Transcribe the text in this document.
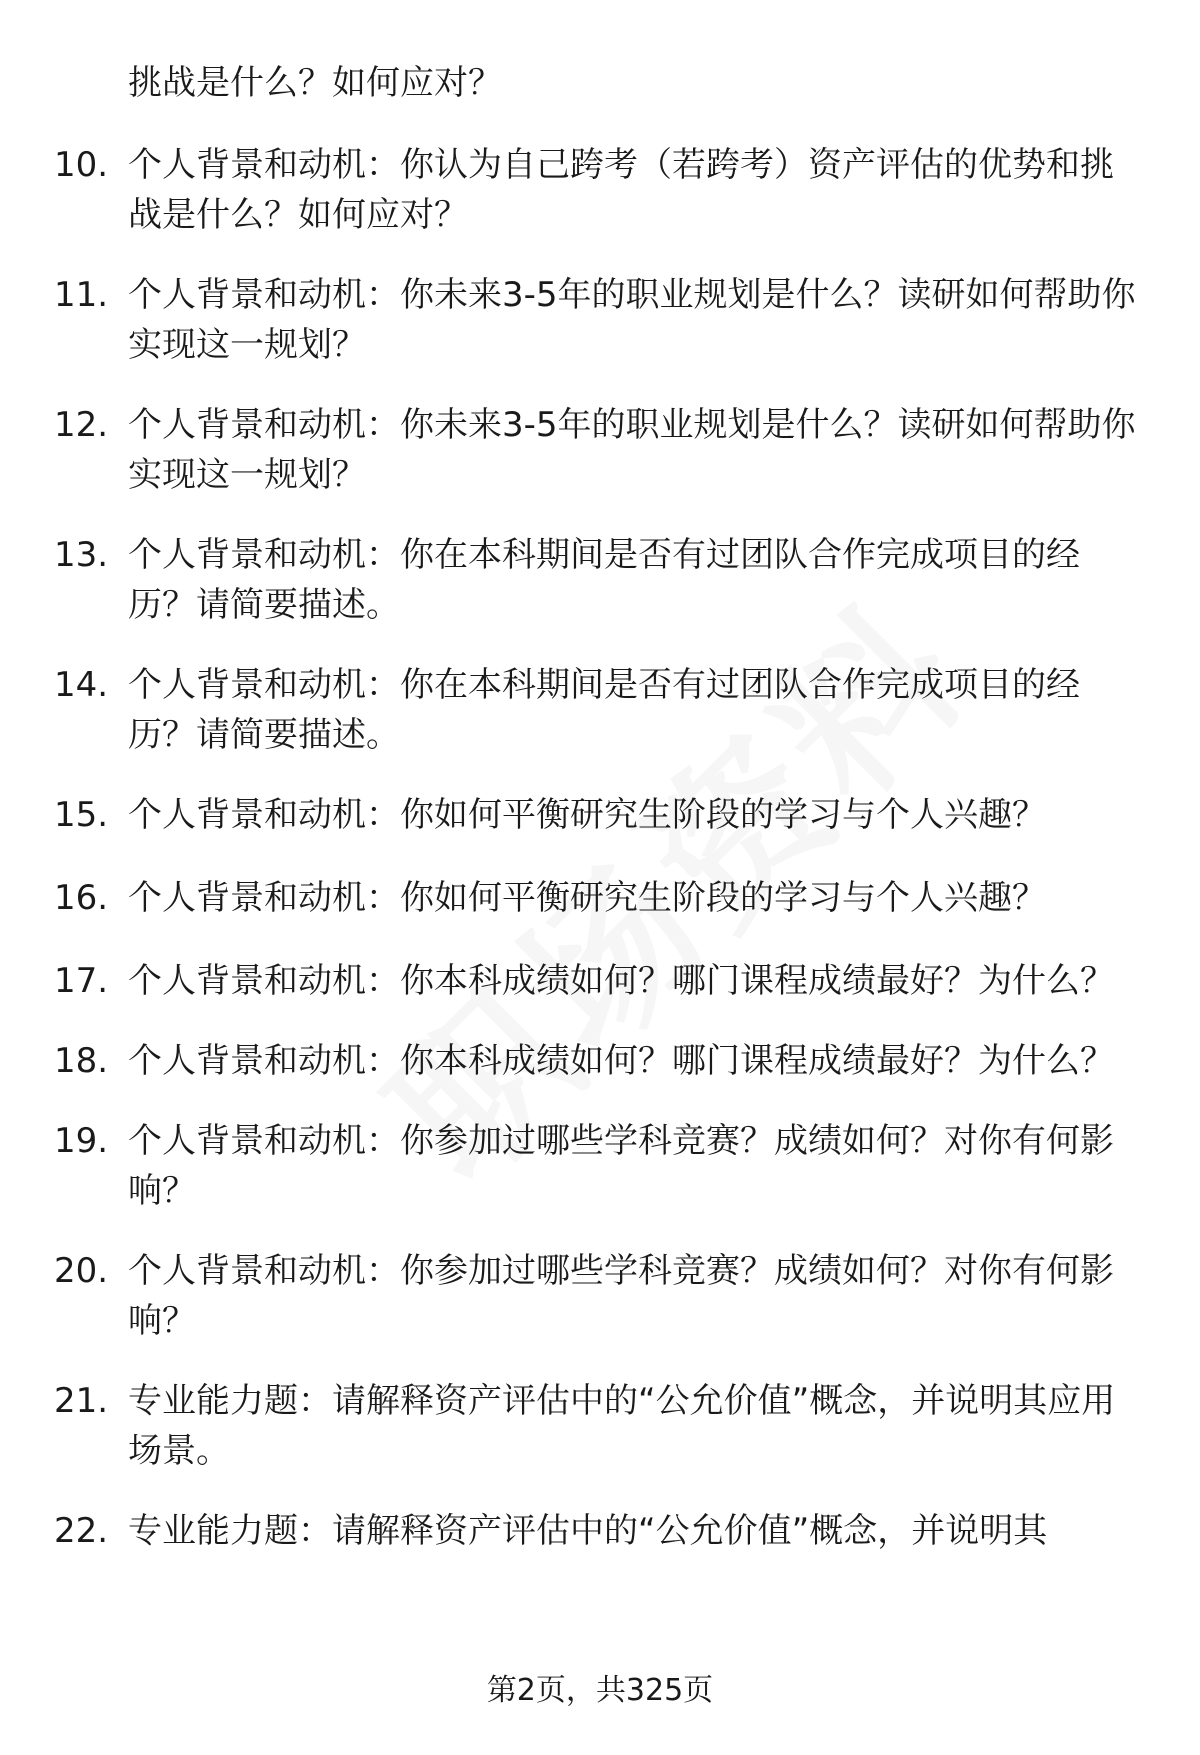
挑战是什么？如何应对？
10. 个人背景和动机：你认为自己跨考（若跨考）资产评估的优势和挑战是什么？如何应对？
11. 个人背景和动机：你未来3-5年的职业规划是什么？读研如何帮助你实现这一规划？
12. 个人背景和动机：你未来3-5年的职业规划是什么？读研如何帮助你实现这一规划？
13. 个人背景和动机：你在本科期间是否有过团队合作完成项目的经历？请简要描述。
14. 个人背景和动机：你在本科期间是否有过团队合作完成项目的经历？请简要描述。
15. 个人背景和动机：你如何平衡研究生阶段的学习与个人兴趣？
16. 个人背景和动机：你如何平衡研究生阶段的学习与个人兴趣？
17. 个人背景和动机：你本科成绩如何？哪门课程成绩最好？为什么？
18. 个人背景和动机：你本科成绩如何？哪门课程成绩最好？为什么？
19. 个人背景和动机：你参加过哪些学科竞赛？成绩如何？对你有何影响？
20. 个人背景和动机：你参加过哪些学科竞赛？成绩如何？对你有何影响？
21. 专业能力题：请解释资产评估中的“公允价值”概念，并说明其应用场景。
22. 专业能力题：请解释资产评估中的“公允价值”概念，并说明其
第2页，共325页
